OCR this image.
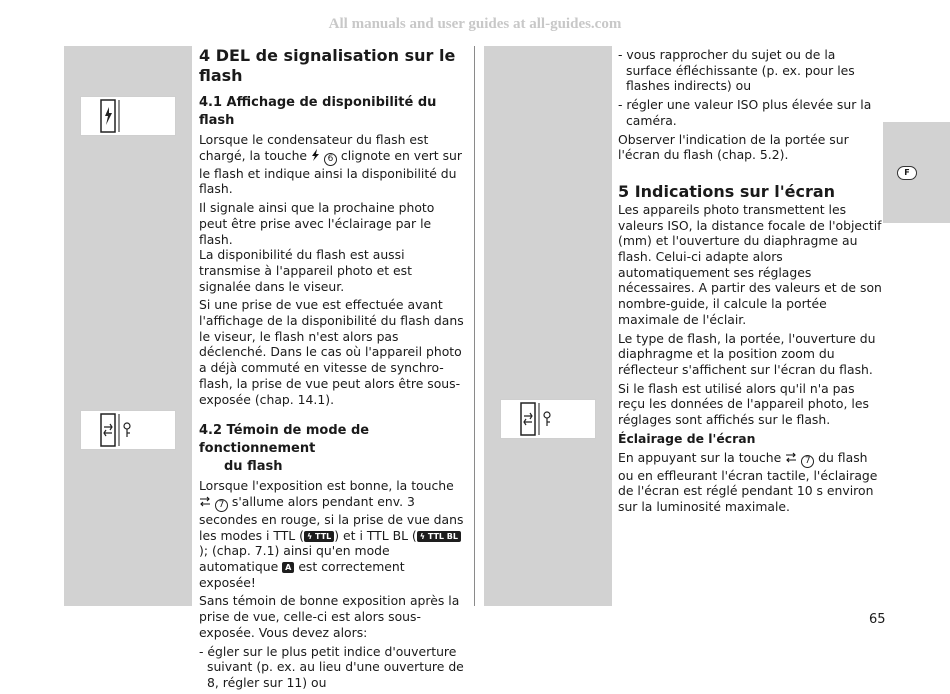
All manuals and user guides at all-guides.com
4 DEL de signalisation sur le flash
4.1 Affichage de disponibilité du flash

Lorsque le condensateur du flash est chargé, la touche 6 clignote en vert sur le flash et indique ainsi la disponibilité du flash.

Il signale ainsi que la prochaine photo peut être prise avec l'éclairage par le flash.

La disponibilité du flash est aussi transmise à l'appareil photo et est signalée dans le viseur.

Si une prise de vue est effectuée avant l'affichage de la disponibilité du flash dans le viseur, le flash n'est alors pas déclenché. Dans le cas où l'appareil photo a déjà commuté en vitesse de synchro-flash, la prise de vue peut alors être sous-exposée (chap. 14.1).

4.2 Témoin de mode de fonctionnement
du flash

Lorsque l'exposition est bonne, la touche  7 s'allume alors pendant env. 3 secondes en rouge, si la prise de vue dans les modes i TTL ( ϟ TTL ) et i TTL BL ( ϟ TTL BL); (chap. 7.1) ainsi qu'en mode automatique A est correctement exposée!

Sans témoin de bonne exposition après la prise de vue, celle-ci est alors sous-exposée. Vous devez alors:

- égler sur le plus petit indice d'ouverture suivant (p. ex. au lieu d'une ouverture de 8, régler sur 11) ou

- vous rapprocher du sujet ou de la surface éfléchissante (p. ex. pour les flashes indirects) ou

- régler une valeur ISO plus élevée sur la caméra.

Observer l'indication de la portée sur l'écran du flash (chap. 5.2).

5 Indications sur l'écran

Les appareils photo transmettent les valeurs ISO, la distance focale de l'objectif (mm) et l'ouverture du diaphragme au flash. Celui-ci adapte alors automatiquement ses réglages nécessaires. A partir des valeurs et de son nombre-guide, il calcule la portée maximale de l'éclair.

Le type de flash, la portée, l'ouverture du diaphragme et la position zoom du réflecteur s'affichent sur l'écran du flash.

Si le flash est utilisé alors qu'il n'a pas reçu les données de l'appareil photo, les réglages sont affichés sur le flash.

Éclairage de l'écran

En appuyant sur la touche	7 du flash ou en effleurant l'écran tactile, l'éclairage de l'écran est réglé pendant 10 s environ sur la luminosité maximale.

F
65
